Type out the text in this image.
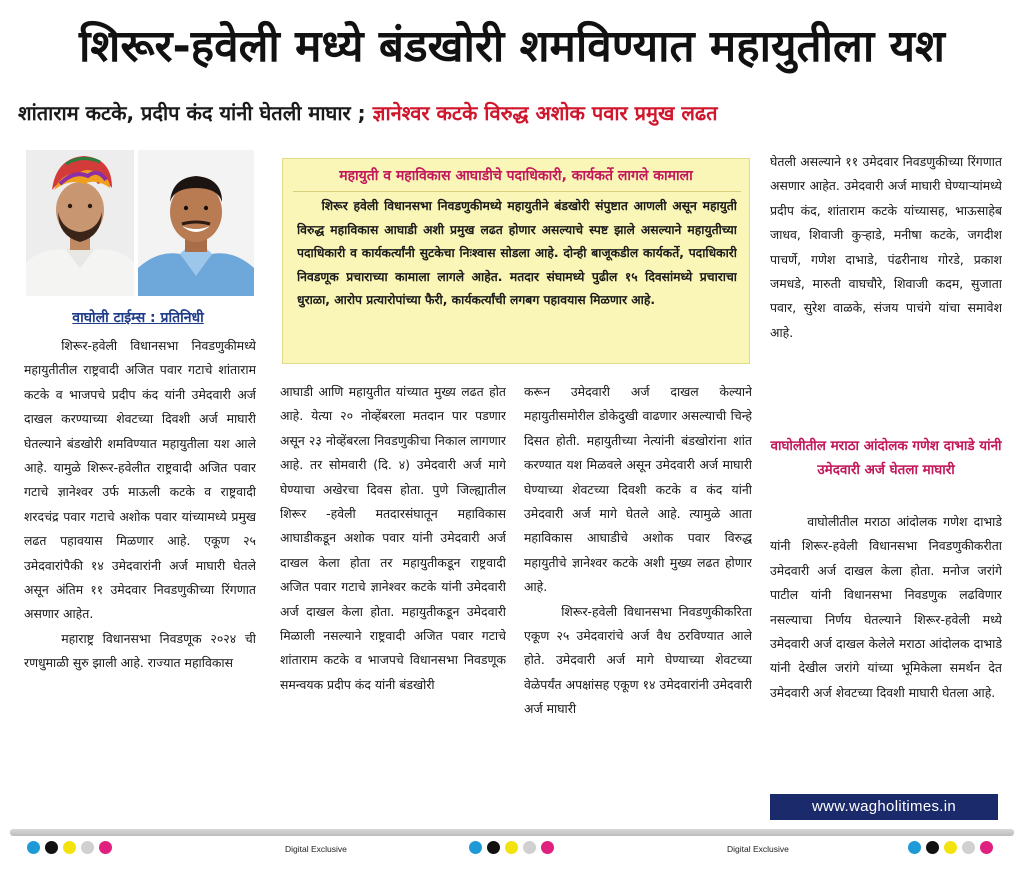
शिरूर-हवेली मध्ये बंडखोरी शमविण्यात महायुतीला यश
शांताराम कटके, प्रदीप कंद यांनी घेतली माघार ; ज्ञानेश्वर कटके विरुद्ध अशोक पवार प्रमुख लढत
वाघोली टाईम्स : प्रतिनिधी

शिरूर-हवेली विधानसभा निवडणुकीमध्ये महायुतीतील राष्ट्रवादी अजित पवार गटाचे शांताराम कटके व भाजपचे प्रदीप कंद यांनी उमेदवारी अर्ज दाखल करण्याच्या शेवटच्या दिवशी अर्ज माघारी घेतल्याने बंडखोरी शमविण्यात महायुतीला यश आले आहे. यामुळे शिरूर-हवेलीत राष्ट्रवादी अजित पवार गटाचे ज्ञानेश्वर उर्फ माऊली कटके व राष्ट्रवादी शरदचंद्र पवार गटाचे अशोक पवार यांच्यामध्ये प्रमुख लढत पहावयास मिळणार आहे. एकूण २५ उमेदवारांपैकी १४ उमेदवारांनी अर्ज माघारी घेतले असून अंतिम ११ उमेदवार निवडणुकीच्या रिंगणात असणार आहेत.

महाराष्ट्र विधानसभा निवडणूक २०२४ ची रणधुमाळी सुरु झाली आहे. राज्यात महाविकास

महायुती व महाविकास आघाडीचे पदाधिकारी, कार्यकर्ते लागले कामाला

शिरूर हवेली विधानसभा निवडणुकीमध्ये महायुतीने बंडखोरी संपुष्टात आणली असून महायुती विरुद्ध महाविकास आघाडी अशी प्रमुख लढत होणार असल्याचे स्पष्ट झाले असल्याने महायुतीच्या पदाधिकारी व कार्यकर्त्यांनी सुटकेचा निःश्वास सोडला आहे. दोन्ही बाजूकडील कार्यकर्ते, पदाधिकारी निवडणूक प्रचाराच्या कामाला लागले आहेत. मतदार संघामध्ये पुढील १५ दिवसांमध्ये प्रचाराचा धुराळा, आरोप प्रत्यारोपांच्या फैरी, कार्यकर्त्यांची लगबग पहावयास मिळणार आहे.

आघाडी आणि महायुतीत यांच्यात मुख्य लढत होत आहे. येत्या २० नोव्हेंबरला मतदान पार पडणार असून २३ नोव्हेंबरला निवडणुकीचा निकाल लागणार आहे. तर सोमवारी (दि. ४) उमेदवारी अर्ज मागे घेण्याचा अखेरचा दिवस होता. पुणे जिल्ह्यातील शिरूर -हवेली मतदारसंघातून महाविकास आघाडीकडून अशोक पवार यांनी उमेदवारी अर्ज दाखल केला होता तर महायुतीकडून राष्ट्रवादी अजित पवार गटाचे ज्ञानेश्वर कटके यांनी उमेदवारी अर्ज दाखल केला होता. महायुतीकडून उमेदवारी मिळाली नसल्याने राष्ट्रवादी अजित पवार गटाचे शांताराम कटके व भाजपचे विधानसभा निवडणूक समन्वयक प्रदीप कंद यांनी बंडखोरी

करून उमेदवारी अर्ज दाखल केल्याने महायुतीसमोरील डोकेदुखी वाढणार असल्याची चिन्हे दिसत होती. महायुतीच्या नेत्यांनी बंडखोरांना शांत करण्यात यश मिळवले असून उमेदवारी अर्ज माघारी घेण्याच्या शेवटच्या दिवशी कटके व कंद यांनी उमेदवारी अर्ज मागे घेतले आहे. त्यामुळे आता महाविकास आघाडीचे अशोक पवार विरुद्ध महायुतीचे ज्ञानेश्वर कटके अशी मुख्य लढत होणार आहे.

शिरूर-हवेली विधानसभा निवडणुकीकरिता एकूण २५ उमेदवारांचे अर्ज वैध ठरविण्यात आले होते. उमेदवारी अर्ज मागे घेण्याच्या शेवटच्या वेळेपर्यंत अपक्षांसह एकूण १४ उमेदवारांनी उमेदवारी अर्ज माघारी

घेतली असल्याने ११ उमेदवार निवडणुकीच्या रिंगणात असणार आहेत. उमेदवारी अर्ज माघारी घेण्याऱ्यांमध्ये प्रदीप कंद, शांताराम कटके यांच्यासह, भाऊसाहेब जाधव, शिवाजी कुऱ्हाडे, मनीषा कटके, जगदीश पाचर्णे, गणेश दाभाडे, पंढरीनाथ गोरडे, प्रकाश जमधडे, मारुती वाघचौरे, शिवाजी कदम, सुजाता पवार, सुरेश वाळके, संजय पाचंगे यांचा समावेश आहे.

वाघोलीतील मराठा आंदोलक गणेश दाभाडे यांनी उमेदवारी अर्ज घेतला माघारी

वाघोलीतील मराठा आंदोलक गणेश दाभाडे यांनी शिरूर-हवेली विधानसभा निवडणुकीकरीता उमेदवारी अर्ज दाखल केला होता. मनोज जरांगे पाटील यांनी विधानसभा निवडणुक लढविणार नसल्याचा निर्णय घेतल्याने शिरूर-हवेली मध्ये उमेदवारी अर्ज दाखल केलेले मराठा आंदोलक दाभाडे यांनी देखील जरांगे यांच्या भूमिकेला समर्थन देत उमेदवारी अर्ज शेवटच्या दिवशी माघारी घेतला आहे.

www.wagholitimes.in
Digital Exclusive	Digital Exclusive
